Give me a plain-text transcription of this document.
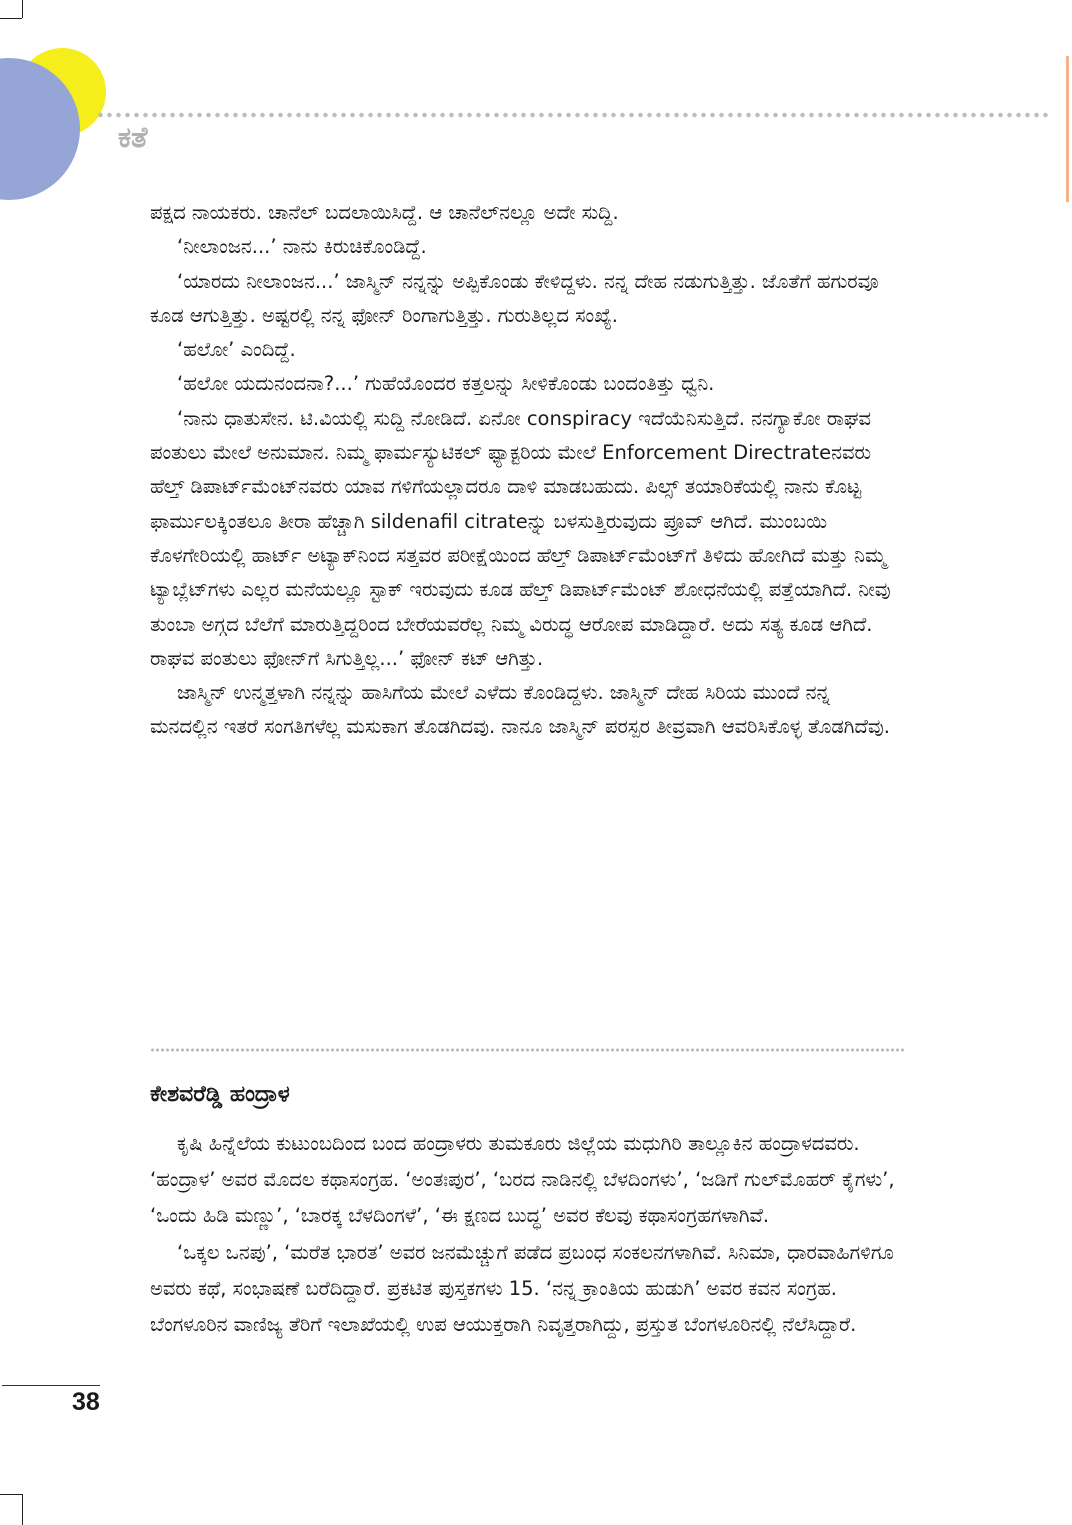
ಕತೆ

ಪಕ್ಷದ ನಾಯಕರು. ಚಾನೆಲ್ ಬದಲಾಯಿಸಿದ್ದೆ. ಆ ಚಾನೆಲ್‌ನಲ್ಲೂ ಅದೇ ಸುದ್ದಿ.

‘ನೀಲಾಂಜನ...’ ನಾನು ಕಿರುಚಿಕೊಂಡಿದ್ದೆ.

‘ಯಾರದು ನೀಲಾಂಜನ...’ ಜಾಸ್ಮಿನ್ ನನ್ನನ್ನು ಅಪ್ಪಿಕೊಂಡು ಕೇಳಿದ್ದಳು. ನನ್ನ ದೇಹ ನಡುಗುತ್ತಿತ್ತು. ಜೊತೆಗೆ ಹಗುರವೂ ಕೂಡ ಆಗುತ್ತಿತ್ತು. ಅಷ್ಟರಲ್ಲಿ ನನ್ನ ಫೋನ್ ರಿಂಗಾಗುತ್ತಿತ್ತು. ಗುರುತಿಲ್ಲದ ಸಂಖ್ಯೆ.

‘ಹಲೋ’ ಎಂದಿದ್ದೆ.

‘ಹಲೋ ಯದುನಂದನಾ?...’ ಗುಹೆಯೊಂದರ ಕತ್ತಲನ್ನು ಸೀಳಿಕೊಂಡು ಬಂದಂತಿತ್ತು ಧ್ವನಿ.

‘ನಾನು ಧಾತುಸೇನ. ಟಿ.ವಿಯಲ್ಲಿ ಸುದ್ದಿ ನೋಡಿದೆ. ಏನೋ conspiracy ಇದೆಯೆನಿಸುತ್ತಿದೆ. ನನಗ್ಯಾಕೋ ರಾಘವ ಪಂತುಲು ಮೇಲೆ ಅನುಮಾನ. ನಿಮ್ಮ ಫಾರ್ಮಸ್ಯುಟಿಕಲ್ ಫ್ಯಾಕ್ಟರಿಯ ಮೇಲೆ Enforcement Directrateನವರು ಹೆಲ್ತ್ ಡಿಪಾರ್ಟ್‌ಮೆಂಟ್‌ನವರು ಯಾವ ಗಳಿಗೆಯಲ್ಲಾದರೂ ದಾಳಿ ಮಾಡಬಹುದು. ಪಿಲ್ಸ್ ತಯಾರಿಕೆಯಲ್ಲಿ ನಾನು ಕೊಟ್ಟ ಫಾರ್ಮುಲಕ್ಕಿಂತಲೂ ತೀರಾ ಹೆಚ್ಚಾಗಿ sildenafil citrateನ್ನು ಬಳಸುತ್ತಿರುವುದು ಪ್ರೂವ್ ಆಗಿದೆ. ಮುಂಬಯಿ ಕೊಳಗೇರಿಯಲ್ಲಿ ಹಾರ್ಟ್ ಅಟ್ಯಾಕ್‌ನಿಂದ ಸತ್ತವರ ಪರೀಕ್ಷೆಯಿಂದ ಹೆಲ್ತ್ ಡಿಪಾರ್ಟ್‌ಮೆಂಟ್‌ಗೆ ತಿಳಿದು ಹೋಗಿದೆ ಮತ್ತು ನಿಮ್ಮ ಟ್ಯಾಬ್ಲೆಟ್‌ಗಳು ಎಲ್ಲರ ಮನೆಯಲ್ಲೂ ಸ್ಟಾಕ್ ಇರುವುದು ಕೂಡ ಹೆಲ್ತ್ ಡಿಪಾರ್ಟ್‌ಮೆಂಟ್ ಶೋಧನೆಯಲ್ಲಿ ಪತ್ತೆಯಾಗಿದೆ. ನೀವು ತುಂಬಾ ಅಗ್ಗದ ಬೆಲೆಗೆ ಮಾರುತ್ತಿದ್ದರಿಂದ ಬೇರೆಯವರೆಲ್ಲ ನಿಮ್ಮ ವಿರುದ್ಧ ಆರೋಪ ಮಾಡಿದ್ದಾರೆ. ಅದು ಸತ್ಯ ಕೂಡ ಆಗಿದೆ. ರಾಘವ ಪಂತುಲು ಫೋನ್‌ಗೆ ಸಿಗುತ್ತಿಲ್ಲ...’ ಫೋನ್ ಕಟ್ ಆಗಿತ್ತು.

ಜಾಸ್ಮಿನ್ ಉನ್ಮತ್ತಳಾಗಿ ನನ್ನನ್ನು ಹಾಸಿಗೆಯ ಮೇಲೆ ಎಳೆದು ಕೊಂಡಿದ್ದಳು. ಜಾಸ್ಮಿನ್ ದೇಹ ಸಿರಿಯ ಮುಂದೆ ನನ್ನ ಮನದಲ್ಲಿನ ಇತರೆ ಸಂಗತಿಗಳೆಲ್ಲ ಮಸುಕಾಗ ತೊಡಗಿದವು. ನಾನೂ ಜಾಸ್ಮಿನ್ ಪರಸ್ಪರ ತೀವ್ರವಾಗಿ ಆವರಿಸಿಕೊಳ್ಳ ತೊಡಗಿದೆವು.

ಕೇಶವರೆಡ್ಡಿ ಹಂದ್ರಾಳ

ಕೃಷಿ ಹಿನ್ನೆಲೆಯ ಕುಟುಂಬದಿಂದ ಬಂದ ಹಂದ್ರಾಳರು ತುಮಕೂರು ಜಿಲ್ಲೆಯ ಮಧುಗಿರಿ ತಾಲ್ಲೂಕಿನ ಹಂದ್ರಾಳದವರು. ‘ಹಂದ್ರಾಳ’ ಅವರ ಮೊದಲ ಕಥಾಸಂಗ್ರಹ. ‘ಅಂತಃಪುರ’, ‘ಬರದ ನಾಡಿನಲ್ಲಿ ಬೆಳದಿಂಗಳು’, ‘ಜಡಿಗೆ ಗುಲ್‌ಮೊಹರ್ ಕೈಗಳು’, ‘ಒಂದು ಹಿಡಿ ಮಣ್ಣು’, ‘ಬಾರಕ್ಕ ಬೆಳದಿಂಗಳೆ’, ‘ಈ ಕ್ಷಣದ ಬುದ್ಧ’ ಅವರ ಕೆಲವು ಕಥಾಸಂಗ್ರಹಗಳಾಗಿವೆ.

‘ಒಕ್ಕಲ ಒನಪು’, ‘ಮರೆತ ಭಾರತ’ ಅವರ ಜನಮೆಚ್ಚುಗೆ ಪಡೆದ ಪ್ರಬಂಧ ಸಂಕಲನಗಳಾಗಿವೆ. ಸಿನಿಮಾ, ಧಾರವಾಹಿಗಳಿಗೂ ಅವರು ಕಥೆ, ಸಂಭಾಷಣೆ ಬರೆದಿದ್ದಾರೆ. ಪ್ರಕಟಿತ ಪುಸ್ತಕಗಳು 15. ‘ನನ್ನ ಕ್ರಾಂತಿಯ ಹುಡುಗಿ’ ಅವರ ಕವನ ಸಂಗ್ರಹ. ಬೆಂಗಳೂರಿನ ವಾಣಿಜ್ಯ ತೆರಿಗೆ ಇಲಾಖೆಯಲ್ಲಿ ಉಪ ಆಯುಕ್ತರಾಗಿ ನಿವೃತ್ತರಾಗಿದ್ದು, ಪ್ರಸ್ತುತ ಬೆಂಗಳೂರಿನಲ್ಲಿ ನೆಲೆಸಿದ್ದಾರೆ.

38
